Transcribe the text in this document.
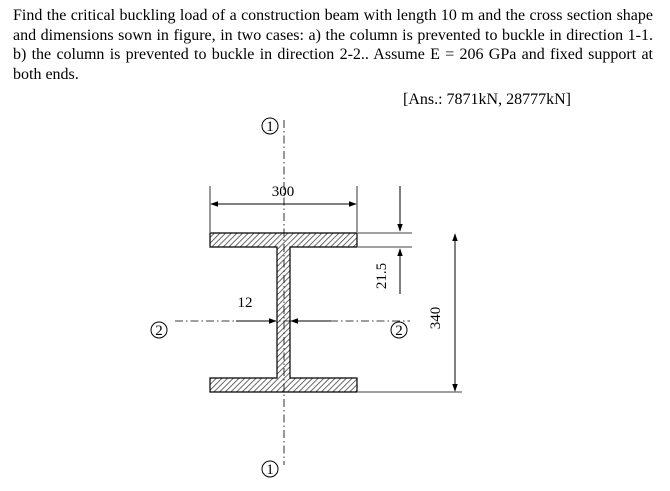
Find the critical buckling load of a construction beam with length 10 m and the cross section shape and dimensions sown in figure, in two cases: a) the column is prevented to buckle in direction 1-1. b) the column is prevented to buckle in direction 2-2.. Assume E = 206 GPa and fixed support at both ends.
[Ans.: 7871kN, 28777kN]
1
1
2	2
300
12
21.5
340
